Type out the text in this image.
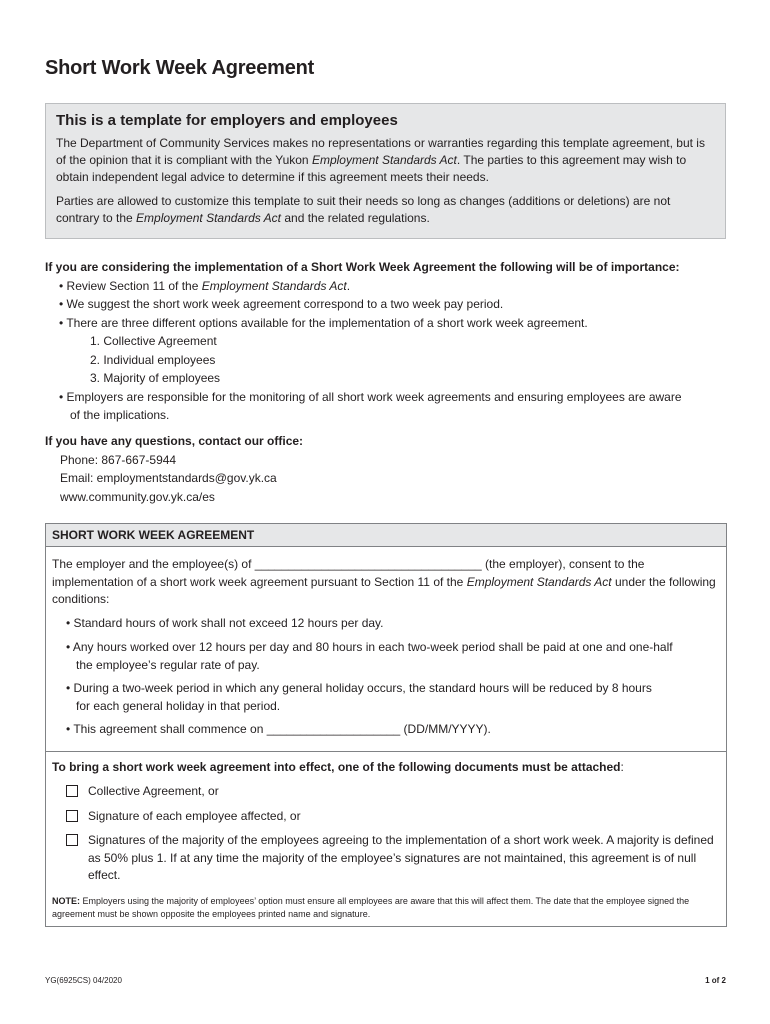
Short Work Week Agreement
This is a template for employers and employees

The Department of Community Services makes no representations or warranties regarding this template agreement, but is of the opinion that it is compliant with the Yukon Employment Standards Act. The parties to this agreement may wish to obtain independent legal advice to determine if this agreement meets their needs.

Parties are allowed to customize this template to suit their needs so long as changes (additions or deletions) are not contrary to the Employment Standards Act and the related regulations.

If you are considering the implementation of a Short Work Week Agreement the following will be of importance:
• Review Section 11 of the Employment Standards Act.
• We suggest the short work week agreement correspond to a two week pay period.
• There are three different options available for the implementation of a short work week agreement.
1. Collective Agreement
2. Individual employees
3. Majority of employees
• Employers are responsible for the monitoring of all short work week agreements and ensuring employees are aware
of the implications.
If you have any questions, contact our office:
Phone: 867-667-5944
Email: employmentstandards@gov.yk.ca
www.community.gov.yk.ca/es
SHORT WORK WEEK AGREEMENT

The employer and the employee(s) of __________________________________ (the employer), consent to the implementation of a short work week agreement pursuant to Section 11 of the Employment Standards Act under the following conditions:

• Standard hours of work shall not exceed 12 hours per day.

• Any hours worked over 12 hours per day and 80 hours in each two-week period shall be paid at one and one-half

the employee’s regular rate of pay.

• During a two-week period in which any general holiday occurs, the standard hours will be reduced by 8 hours

for each general holiday in that period.

• This agreement shall commence on ____________________ (DD/MM/YYYY).

To bring a short work week agreement into effect, one of the following documents must be attached:

Collective Agreement, or
Signature of each employee affected, or
Signatures of the majority of the employees agreeing to the implementation of a short work week. A majority is defined as 50% plus 1. If at any time the majority of the employee’s signatures are not maintained, this agreement is of null effect.
NOTE: Employers using the majority of employees’ option must ensure all employees are aware that this will affect them. The date that the employee signed the agreement must be shown opposite the employees printed name and signature.
YG(6925CS) 04/2020	1 of 2
